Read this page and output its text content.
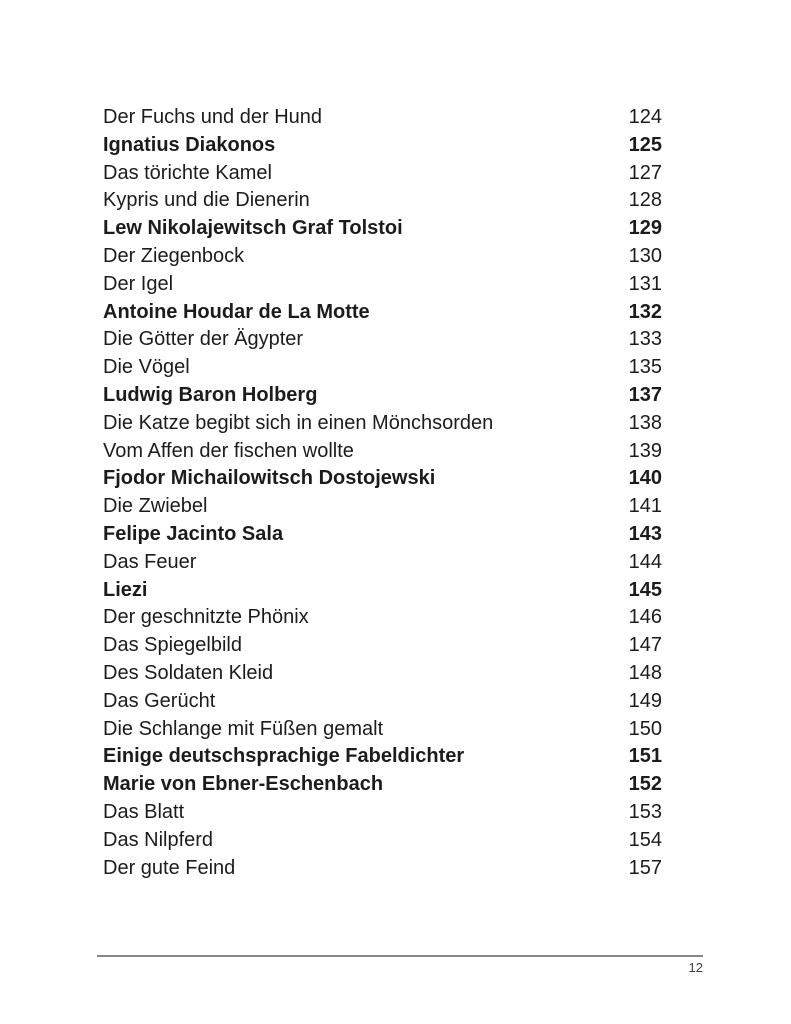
Der Fuchs und der Hund	124
Ignatius Diakonos	125
Das törichte Kamel	127
Kypris und die Dienerin	128
Lew Nikolajewitsch Graf Tolstoi	129
Der Ziegenbock	130
Der Igel	131
Antoine Houdar de La Motte	132
Die Götter der Ägypter	133
Die Vögel	135
Ludwig Baron Holberg	137
Die Katze begibt sich in einen Mönchsorden	138
Vom Affen der fischen wollte	139
Fjodor Michailowitsch Dostojewski	140
Die Zwiebel	141
Felipe Jacinto Sala	143
Das Feuer	144
Liezi	145
Der geschnitzte Phönix	146
Das Spiegelbild	147
Des Soldaten Kleid	148
Das Gerücht	149
Die Schlange mit Füßen gemalt	150
Einige deutschsprachige Fabeldichter	151
Marie von Ebner-Eschenbach	152
Das Blatt	153
Das Nilpferd	154
Der gute Feind	157
12
